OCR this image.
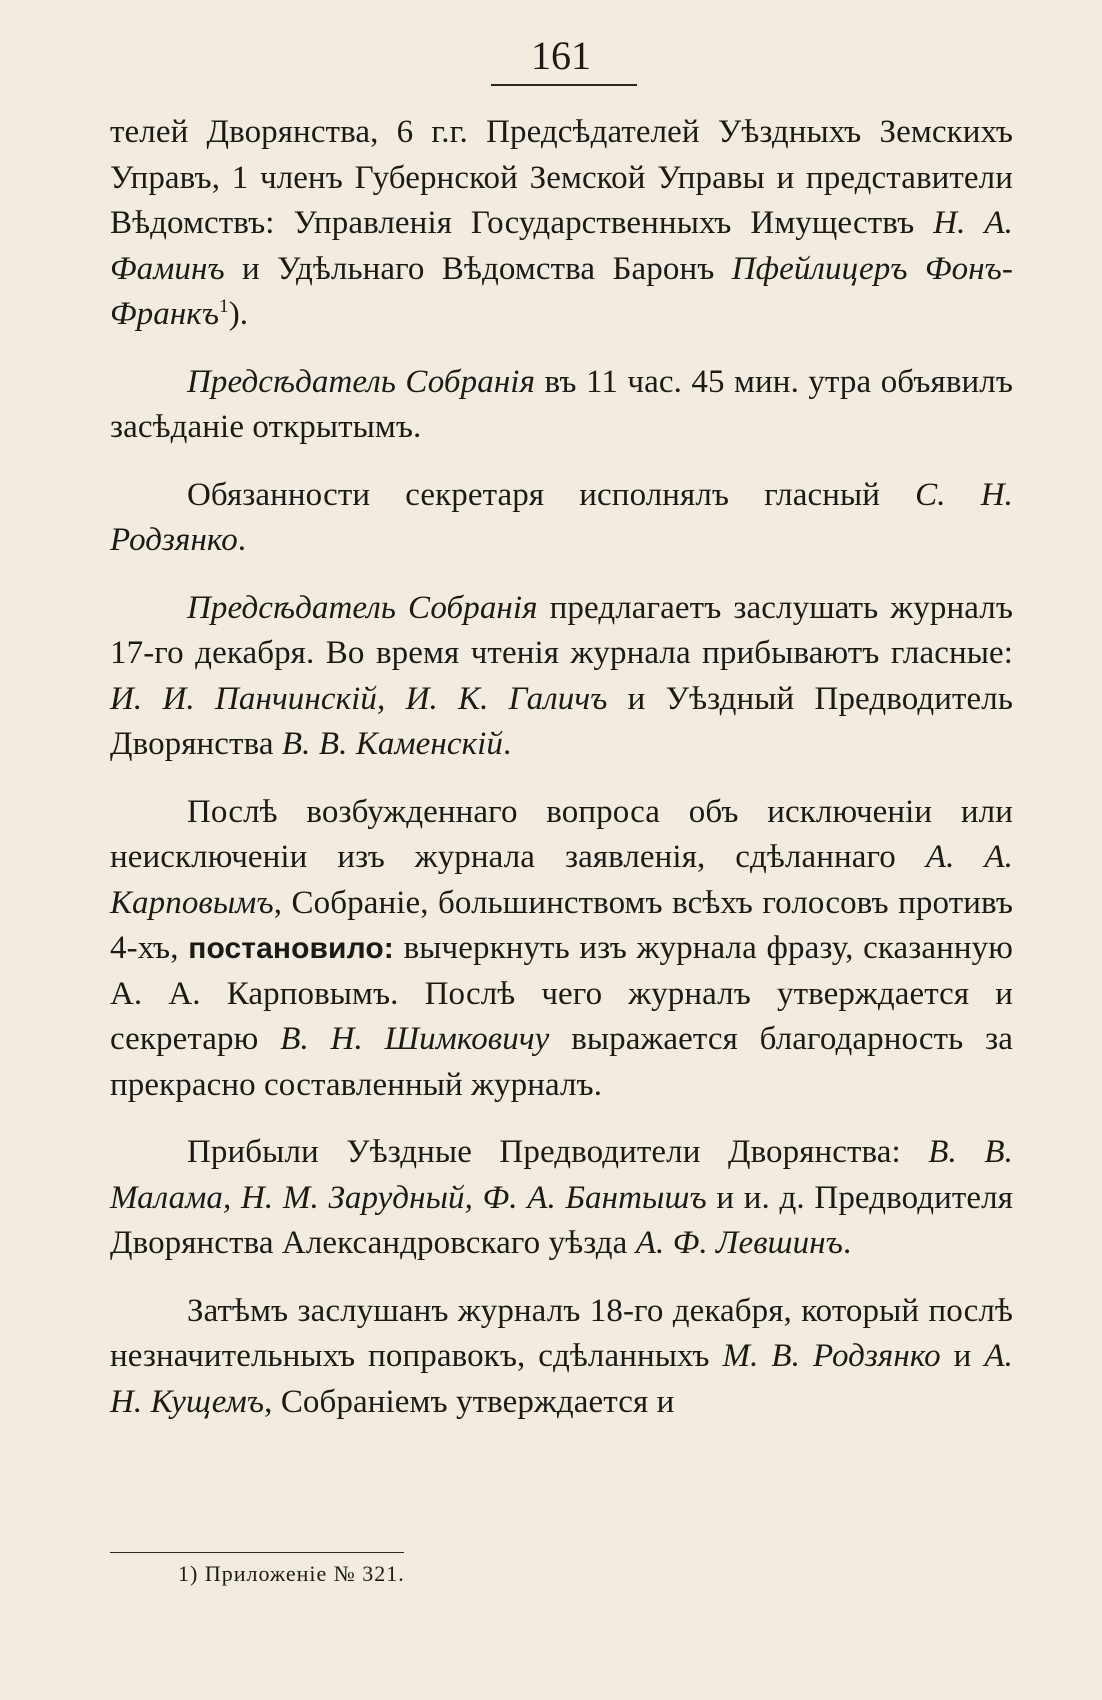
161

телей Дворянства, 6 г.г. Предсѣдателей Уѣздныхъ Земскихъ Управъ, 1 членъ Губернской Земской Управы и представители Вѣдомствъ: Управленія Государственныхъ Имуществъ Н. А. Фаминъ и Удѣльнаго Вѣдомства Баронъ Пфейлицеръ Фонъ-Франкъ$^1$).

Предсѣдатель Собранія въ 11 час. 45 мин. утра объявилъ засѣданіе открытымъ.

Обязанности секретаря исполнялъ гласный С. Н. Родзянко.

Предсѣдатель Собранія предлагаетъ заслушать журналъ 17-го декабря. Во время чтенія журнала прибываютъ гласные: И. И. Панчинскій, И. К. Галичъ и Уѣздный Предводитель Дворянства В. В. Каменскій.

Послѣ возбужденнаго вопроса объ исключеніи или неисключеніи изъ журнала заявленія, сдѣланнаго А. А. Карповымъ, Собраніе, большинствомъ всѣхъ голосовъ противъ 4-хъ, постановило: вычеркнуть изъ журнала фразу, сказанную А. А. Карповымъ. Послѣ чего журналъ утверждается и секретарю В. Н. Шимковичу выражается благодарность за прекрасно составленный журналъ.

Прибыли Уѣздные Предводители Дворянства: В. В. Малама, Н. М. Зарудный, Ф. А. Бантышъ и и. д. Предводителя Дворянства Александровскаго уѣзда А. Ф. Левшинъ.

Затѣмъ заслушанъ журналъ 18-го декабря, который послѣ незначительныхъ поправокъ, сдѣланныхъ М. В. Родзянко и А. Н. Кущемъ, Собраніемъ утверждается и

1) Приложеніе № 321.
